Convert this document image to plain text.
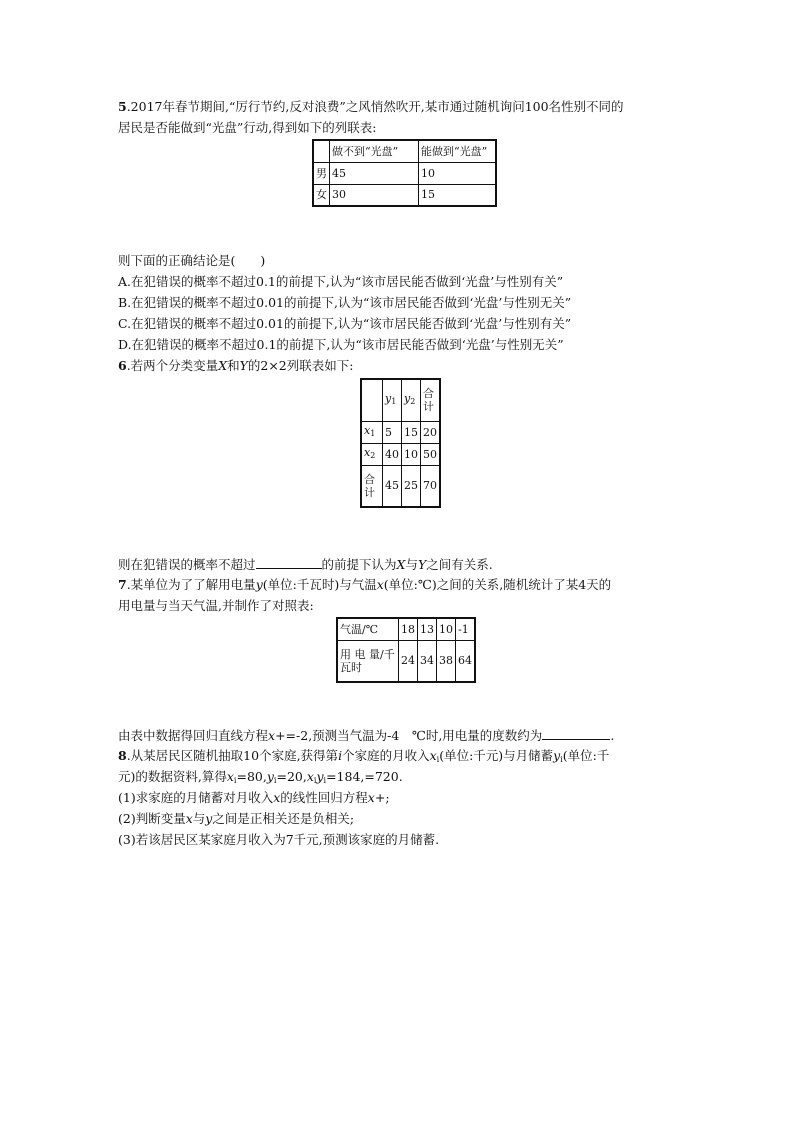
5.2017年春节期间,“厉行节约,反对浪费”之风悄然吹开,某市通过随机询问100名性别不同的
居民是否能做到“光盘”行动,得到如下的列联表:
	做不到“光盘”	能做到“光盘”
男	45	10
女	30	15
则下面的正确结论是(　　)
A.在犯错误的概率不超过0.1的前提下,认为“该市居民能否做到‘光盘’与性别有关”
B.在犯错误的概率不超过0.01的前提下,认为“该市居民能否做到‘光盘’与性别无关”
C.在犯错误的概率不超过0.01的前提下,认为“该市居民能否做到‘光盘’与性别有关”
D.在犯错误的概率不超过0.1的前提下,认为“该市居民能否做到‘光盘’与性别无关”
6.若两个分类变量X和Y的2×2列联表如下:
	$y_1$	$y_2$	合
计
$x_1$	5	15	20
$x_2$	40	10	50
合
计	45	25	70
则在犯错误的概率不超过	的前提下认为X与Y之间有关系.
7.某单位为了了解用电量y(单位:千瓦时)与气温x(单位:℃)之间的关系,随机统计了某4天的
用电量与当天气温,并制作了对照表:
气温/℃	18	13	10	-1
用 电 量/千
瓦时	24	34	38	64
由表中数据得回归直线方程x+=-2,预测当气温为-4　℃时,用电量的度数约为	.
8.从某居民区随机抽取10个家庭,获得第i个家庭的月收入$x_i$(单位:千元)与月储蓄$y_i$(单位:千
元)的数据资料,算得$x_i=80,y_i=20,x_iy_i=184,=720$.
(1)求家庭的月储蓄对月收入x的线性回归方程x+;
(2)判断变量x与y之间是正相关还是负相关;
(3)若该居民区某家庭月收入为7千元,预测该家庭的月储蓄.
